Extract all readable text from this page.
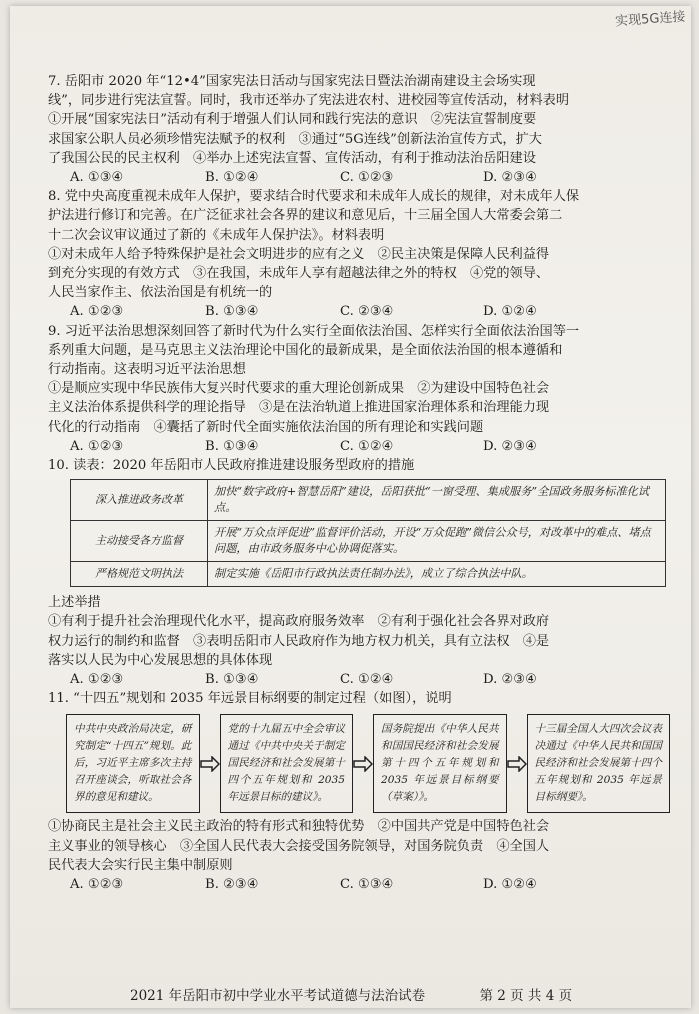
实现5G连接
7. 岳阳市 2020 年“12•4”国家宪法日活动与国家宪法日暨法治湖南建设主会场实现
线”，同步进行宪法宣誓。同时，我市还举办了宪法进农村、进校园等宣传活动，材料表明
①开展“国家宪法日”活动有利于增强人们认同和践行宪法的意识　②宪法宣誓制度要
求国家公职人员必须珍惜宪法赋予的权利　③通过“5G连线”创新法治宣传方式，扩大
了我国公民的民主权利　④举办上述宪法宣誓、宣传活动，有利于推动法治岳阳建设
A. ①③④	B. ①②④	C. ①②③	D. ②③④
8. 党中央高度重视未成年人保护，要求结合时代要求和未成年人成长的规律，对未成年人保
护法进行修订和完善。在广泛征求社会各界的建议和意见后，十三届全国人大常委会第二
十二次会议审议通过了新的《未成年人保护法》。材料表明
①对未成年人给予特殊保护是社会文明进步的应有之义　②民主决策是保障人民利益得
到充分实现的有效方式　③在我国，未成年人享有超越法律之外的特权　④党的领导、
人民当家作主、依法治国是有机统一的
A. ①②③	B. ①③④	C. ②③④	D. ①②④
9. 习近平法治思想深刻回答了新时代为什么实行全面依法治国、怎样实行全面依法治国等一
系列重大问题，是马克思主义法治理论中国化的最新成果，是全面依法治国的根本遵循和
行动指南。这表明习近平法治思想
①是顺应实现中华民族伟大复兴时代要求的重大理论创新成果　②为建设中国特色社会
主义法治体系提供科学的理论指导　③是在法治轨道上推进国家治理体系和治理能力现
代化的行动指南　④囊括了新时代全面实施依法治国的所有理论和实践问题
A. ①②③	B. ①③④	C. ①②④	D. ②③④
10. 读表：2020 年岳阳市人民政府推进建设服务型政府的措施
深入推进政务改革	加快“数字政府+智慧岳阳”建设，岳阳获批“一窗受理、集成服务”全国政务服务标准化试点。
主动接受各方监督	开展“万众点评促进”监督评价活动，开设“万众促跑”微信公众号，对改革中的难点、堵点问题，由市政务服务中心协调促落实。
严格规范文明执法	制定实施《岳阳市行政执法责任制办法》，成立了综合执法中队。
上述举措
①有利于提升社会治理现代化水平，提高政府服务效率　②有利于强化社会各界对政府
权力运行的制约和监督　③表明岳阳市人民政府作为地方权力机关，具有立法权　④是
落实以人民为中心发展思想的具体体现
A. ①②③	B. ①③④	C. ①②④	D. ②③④
11. “十四五”规划和 2035 年远景目标纲要的制定过程（如图），说明
中共中央政治局决定，研究制定“十四五”规划。此后，习近平主席多次主持召开座谈会，听取社会各界的意见和建议。
党的十九届五中全会审议通过《中共中央关于制定国民经济和社会发展第十四个五年规划和 2035 年远景目标的建议》。
国务院提出《中华人民共和国国民经济和社会发展第十四个五年规划和 2035 年远景目标纲要（草案）》。
十三届全国人大四次会议表决通过《中华人民共和国国民经济和社会发展第十四个五年规划和 2035 年远景目标纲要》。
①协商民主是社会主义民主政治的特有形式和独特优势　②中国共产党是中国特色社会
主义事业的领导核心　③全国人民代表大会接受国务院领导，对国务院负责　④全国人
民代表大会实行民主集中制原则
A. ①②③	B. ②③④	C. ①③④	D. ①②④
2021 年岳阳市初中学业水平考试道德与法治试卷	第 2 页 共 4 页
